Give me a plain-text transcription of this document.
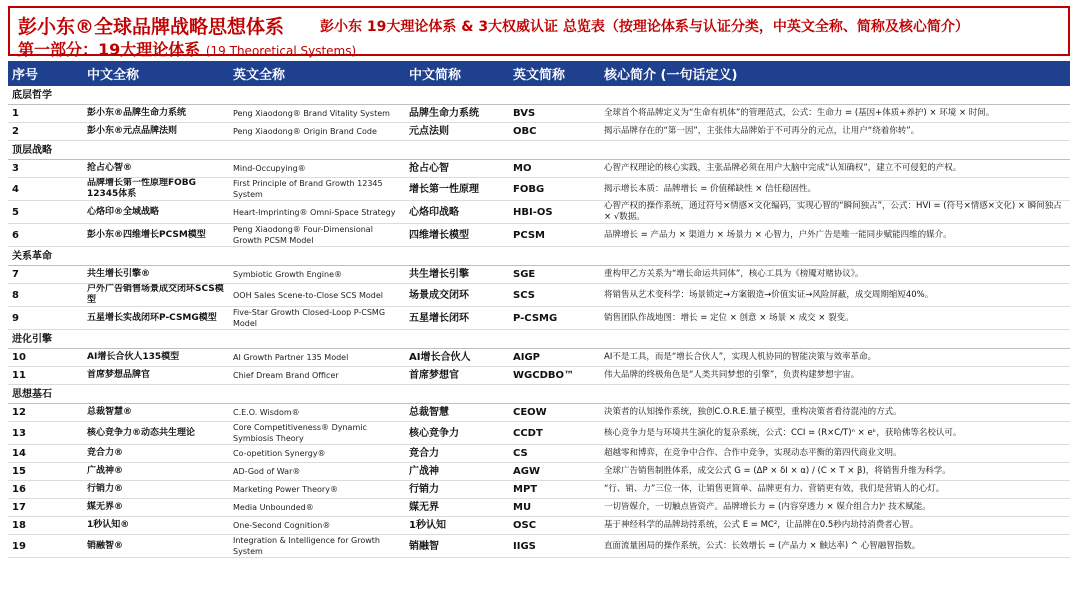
彭小东®全球品牌战略思想体系	彭小东 19大理论体系 & 3大权威认证 总览表（按理论体系与认证分类，中英文全称、简称及核心简介）
第一部分：19大理论体系 (19 Theoretical Systems)
序号	中文全称	英文全称	中文简称	英文简称	核心简介 (一句话定义)
底层哲学					
1	彭小东®品牌生命力系统	Peng Xiaodong® Brand Vitality System	品牌生命力系统	BVS	全球首个将品牌定义为“生命有机体”的管理范式，公式：生命力 = (基因+体质+养护) × 环境 × 时间。
2	彭小东®元点品牌法则	Peng Xiaodong® Origin Brand Code	元点法则	OBC	揭示品牌存在的“第一因”，主张伟大品牌始于不可再分的元点，让用户“绕着你转”。
顶层战略					
3	抢占心智®	Mind-Occupying®	抢占心智	MO	心智产权理论的核心实践，主张品牌必须在用户大脑中完成“认知确权”，建立不可侵犯的产权。
4	品牌增长第一性原理FOBG 12345体系	First Principle of Brand Growth 12345 System	增长第一性原理	FOBG	揭示增长本质：品牌增长 = 价值稀缺性 × 信任稳固性。
5	心烙印®全域战略	Heart-Imprinting® Omni-Space Strategy	心烙印战略	HBI-OS	心智产权的操作系统，通过符号×情感×文化编码，实现心智的“瞬间独占”，公式：HVI = (符号×情感×文化) × 瞬间独占 × √数据。
6	彭小东®四维增长PCSM模型	Peng Xiaodong® Four-Dimensional Growth PCSM Model	四维增长模型	PCSM	品牌增长 = 产品力 × 渠道力 × 场景力 × 心智力，户外广告是唯一能同步赋能四维的媒介。
关系革命					
7	共生增长引擎®	Symbiotic Growth Engine®	共生增长引擎	SGE	重构甲乙方关系为“增长命运共同体”，核心工具为《榜魇对赌协议》。
8	户外广告销售场景成交闭环SCS模型	OOH Sales Scene-to-Close SCS Model	场景成交闭环	SCS	将销售从艺术变科学：场景锁定→方案锻造→价值实证→风险屏蔽，成交周期缩短40%。
9	五星增长实战闭环P-CSMG模型	Five-Star Growth Closed-Loop P-CSMG Model	五星增长闭环	P-CSMG	销售团队作战地图：增长 = 定位 × 创意 × 场景 × 成交 × 裂变。
进化引擎					
10	AI增长合伙人135模型	AI Growth Partner 135 Model	AI增长合伙人	AIGP	AI不是工具，而是“增长合伙人”，实现人机协同的智能决策与效率革命。
11	首席梦想品牌官	Chief Dream Brand Officer	首席梦想官	WGCDBO™	伟大品牌的终极角色是“人类共同梦想的引擎”，负责构建梦想宇宙。
思想基石					
12	总裁智慧®	C.E.O. Wisdom®	总裁智慧	CEOW	决策者的认知操作系统，独创C.O.R.E.量子模型，重构决策者看待混沌的方式。
13	核心竞争力®动态共生理论	Core Competitiveness® Dynamic Symbiosis Theory	核心竞争力	CCDT	核心竞争力是与环境共生演化的复杂系统，公式：CCI = (R×C/T)ⁿ × eᵏ，获哈佛等名校认可。
14	竞合力®	Co-opetition Synergy®	竞合力	CS	超越零和博弈，在竞争中合作、合作中竞争，实现动态平衡的第四代商业文明。
15	广战神®	AD-God of War®	广战神	AGW	全球广告销售制胜体系，成交公式 G = (ΔP × δI × α) / (C × T × β)，将销售升维为科学。
16	行销力®	Marketing Power Theory®	行销力	MPT	“行、销、力”三位一体，让销售更简单、品牌更有力、营销更有效，我们是营销人的心灯。
17	媒无界®	Media Unbounded®	媒无界	MU	一切皆媒介，一切触点皆资产。品牌增长力 = (内容穿透力 × 媒介组合力)ⁿ 技术赋能。
18	1秒认知®	One-Second Cognition®	1秒认知	OSC	基于神经科学的品牌劫持系统，公式 E = MC²，让品牌在0.5秒内劫持消费者心智。
19	销融智®	Integration & Intelligence for Growth System	销融智	IIGS	直面流量困局的操作系统，公式：长效增长 = (产品力 × 触达率) ^ 心智融智指数。
